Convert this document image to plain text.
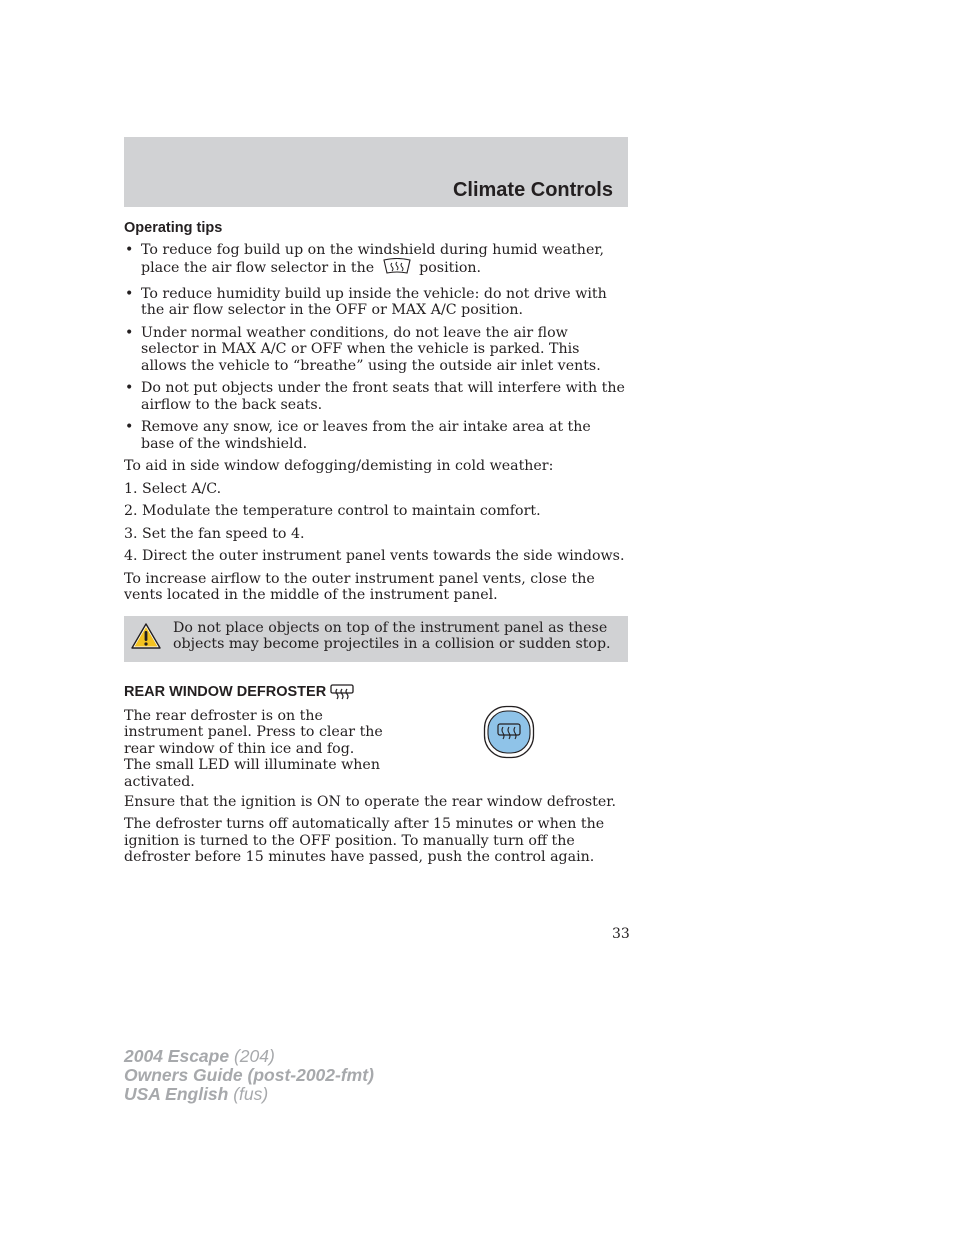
Climate Controls
Operating tips
• To reduce fog build up on the windshield during humid weather, place the air flow selector in the	position.
• To reduce humidity build up inside the vehicle: do not drive with the air flow selector in the OFF or MAX A/C position.
• Under normal weather conditions, do not leave the air flow selector in MAX A/C or OFF when the vehicle is parked. This allows the vehicle to “breathe” using the outside air inlet vents.
• Do not put objects under the front seats that will interfere with the airflow to the back seats.
• Remove any snow, ice or leaves from the air intake area at the base of the windshield.

To aid in side window defogging/demisting in cold weather:

1. Select A/C.

2. Modulate the temperature control to maintain comfort.

3. Set the fan speed to 4.

4. Direct the outer instrument panel vents towards the side windows.

To increase airflow to the outer instrument panel vents, close the vents located in the middle of the instrument panel.

Do not place objects on top of the instrument panel as these objects may become projectiles in a collision or sudden stop.
REAR WINDOW DEFROSTER
The rear defroster is on the instrument panel. Press to clear the rear window of thin ice and fog. The small LED will illuminate when activated.

Ensure that the ignition is ON to operate the rear window defroster.

The defroster turns off automatically after 15 minutes or when the ignition is turned to the OFF position. To manually turn off the defroster before 15 minutes have passed, push the control again.

33
2004 Escape (204)
Owners Guide (post-2002-fmt)
USA English (fus)
